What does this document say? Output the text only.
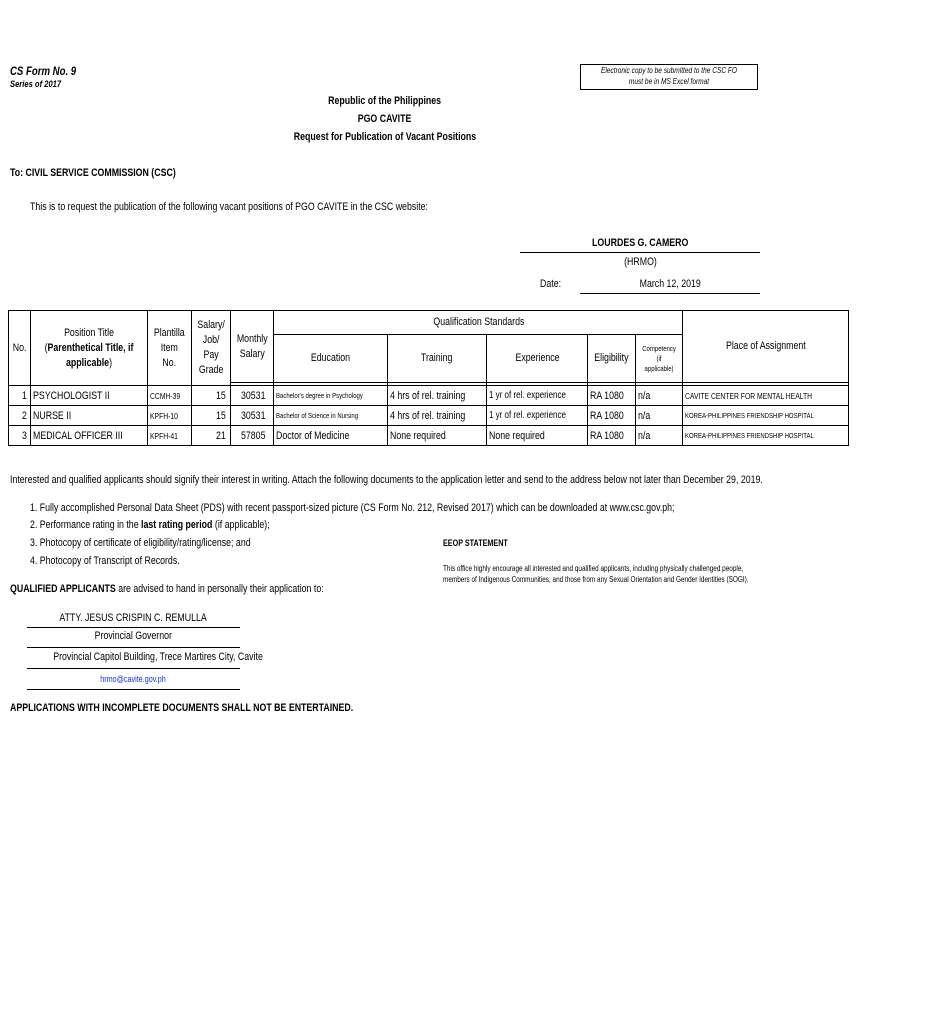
CS Form No. 9
Series of 2017
Electronic copy to be submitted to the CSC FO must be in MS Excel format
Republic of the Philippines
PGO CAVITE
Request for Publication of Vacant Positions
To: CIVIL SERVICE COMMISSION (CSC)
This is to request the publication of the following vacant positions of PGO CAVITE in the CSC website:
LOURDES G. CAMERO
(HRMO)
Date:	March 12, 2019
No.	Position Title (Parenthetical Title, if applicable)	Plantilla Item No.	Salary/ Job/ Pay Grade	Monthly Salary	Qualification Standards					Place of Assignment
					Education	Training	Experience	Eligibility	Competency (if applicable)	

1	PSYCHOLOGIST II	CCMH-39	15	30531	Bachelor's degree in Psychology	4 hrs of rel. training	1 yr of rel. experience	RA 1080	n/a	CAVITE CENTER FOR MENTAL HEALTH
2	NURSE II	KPFH-10	15	30531	Bachelor of Science in Nursing	4 hrs of rel. training	1 yr of rel. experience	RA 1080	n/a	KOREA-PHILIPPINES FRIENDSHIP HOSPITAL
3	MEDICAL OFFICER III	KPFH-41	21	57805	Doctor of Medicine	None required	None required	RA 1080	n/a	KOREA-PHILIPPINES FRIENDSHIP HOSPITAL
Interested and qualified applicants should signify their interest in writing. Attach the following documents to the application letter and send to the address below not later than December 29, 2019.
1. Fully accomplished Personal Data Sheet (PDS) with recent passport-sized picture (CS Form No. 212, Revised 2017) which can be downloaded at www.csc.gov.ph;
2. Performance rating in the last rating period (if applicable);
3. Photocopy of certificate of eligibility/rating/license; and
4. Photocopy of Transcript of Records.
QUALIFIED APPLICANTS are advised to hand in personally their application to:
EEOP STATEMENT
This office highly encourage all interested and qualified applicants, including physically challenged people, members of Indigenous Communities, and those from any Sexual Orientation and Gender Identities (SOGI).
ATTY. JESUS CRISPIN C. REMULLA
Provincial Governor
Provincial Capitol Building, Trece Martires City, Cavite
hrmo@cavite.gov.ph
APPLICATIONS WITH INCOMPLETE DOCUMENTS SHALL NOT BE ENTERTAINED.
